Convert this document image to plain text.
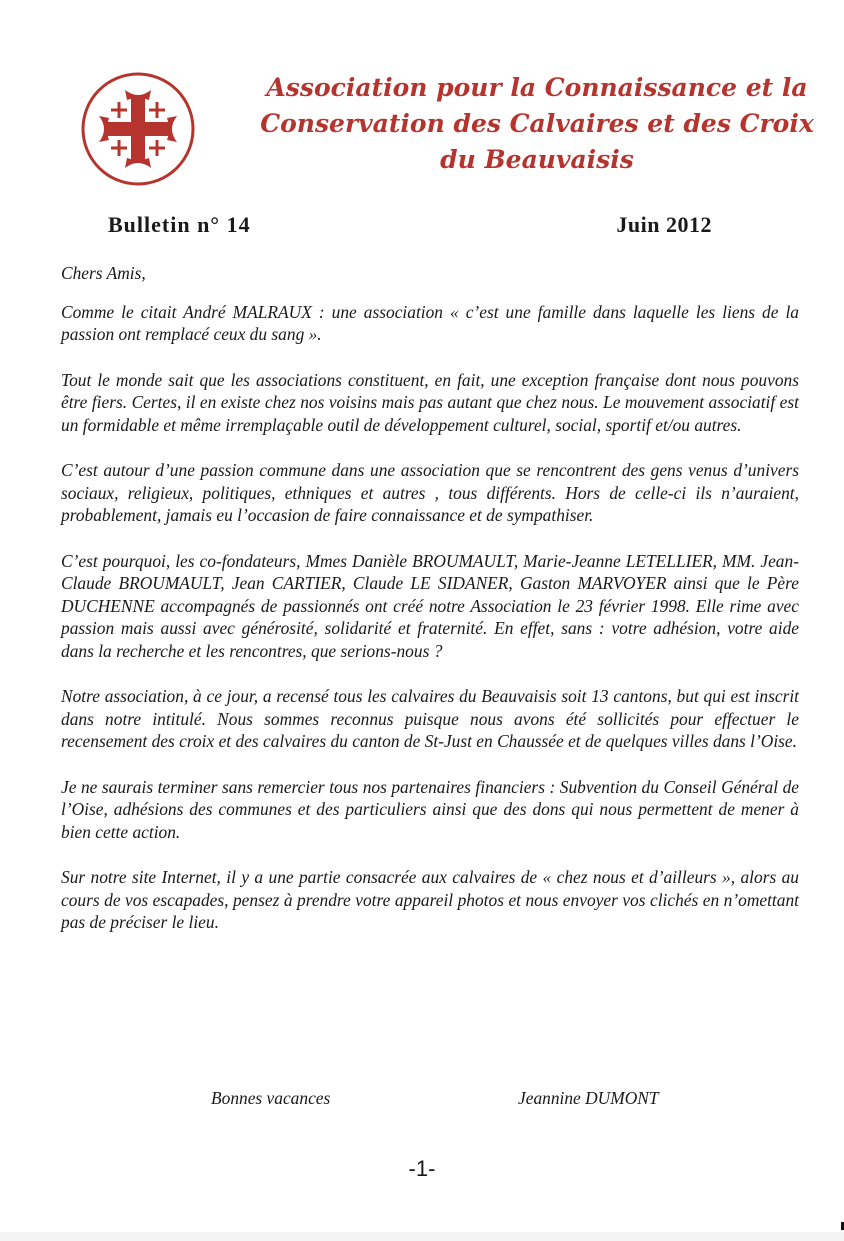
Association pour la Connaissance et la
Conservation des Calvaires et des Croix
du Beauvaisis
Bulletin n° 14	Juin 2012

Chers Amis,

Comme le citait André MALRAUX : une association « c’est une famille dans laquelle les liens de la passion ont remplacé ceux du sang ».

Tout le monde sait que les associations constituent, en fait, une exception française dont nous pouvons être fiers. Certes, il en existe chez nos voisins mais pas autant que chez nous. Le mouvement associatif est un formidable et même irremplaçable outil de développement culturel, social, sportif et/ou autres.

C’est autour d’une passion commune dans une association que se rencontrent des gens venus d’univers sociaux, religieux, politiques, ethniques et autres , tous différents. Hors de celle-ci ils n’auraient, probablement, jamais eu l’occasion de faire connaissance et de sympathiser.

C’est pourquoi, les co-fondateurs, Mmes Danièle BROUMAULT, Marie-Jeanne LETELLIER, MM. Jean-Claude BROUMAULT, Jean CARTIER, Claude LE SIDANER, Gaston MARVOYER ainsi que le Père DUCHENNE accompagnés de passionnés ont créé notre Association le 23 février 1998. Elle rime avec passion mais aussi avec générosité, solidarité et fraternité. En effet, sans : votre adhésion, votre aide dans la recherche et les rencontres, que serions-nous ?

Notre association, à ce jour, a recensé tous les calvaires du Beauvaisis soit 13 cantons, but qui est inscrit dans notre intitulé. Nous sommes reconnus puisque nous avons été sollicités pour effectuer le recensement des croix et des calvaires du canton de St-Just en Chaussée et de quelques villes dans l’Oise.

Je ne saurais terminer sans remercier tous nos partenaires financiers : Subvention du Conseil Général de l’Oise, adhésions des communes et des particuliers ainsi que des dons qui nous permettent de mener à bien cette action.

Sur notre site Internet, il y a une partie consacrée aux calvaires de « chez nous et d’ailleurs », alors au cours de vos escapades, pensez à prendre votre appareil photos et nous envoyer vos clichés en n’omettant pas de préciser le lieu.

Bonnes vacances	Jeannine DUMONT
-1-
